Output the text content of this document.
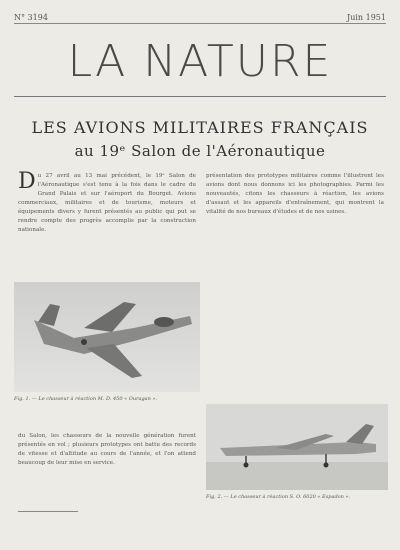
N° 3194	Juin 1951
LA NATURE
LES AVIONS MILITAIRES FRANÇAIS
au 19ᵉ Salon de l'Aéronautique
D u 27 avril au 13 mai précédent, le 19ᵉ Salon de l'Aéronautique s'est tenu à la fois dans le cadre du Grand Palais et sur l'aéroport du Bourget. Avions commerciaux, militaires et de tourisme, moteurs et équipements divers y furent présentés au public qui put se rendre compte des progrès accomplis par la construction nationale.
présentation des prototypes militaires comme l'illustrent les avions dont nous donnons ici les photographies. Parmi les nouveautés, citons les chasseurs à réaction, les avions d'assaut et les appareils d'entraînement, qui montrent la vitalité de nos bureaux d'études et de nos usines.
Fig. 1. — Le chasseur à réaction M. D. 450 « Ouragan ».
du Salon, les chasseurs de la nouvelle génération furent présentés en vol ; plusieurs prototypes ont battu des records de vitesse et d'altitude au cours de l'année, et l'on attend beaucoup de leur mise en service.
Fig. 2. — Le chasseur à réaction S. O. 6020 « Espadon ».
